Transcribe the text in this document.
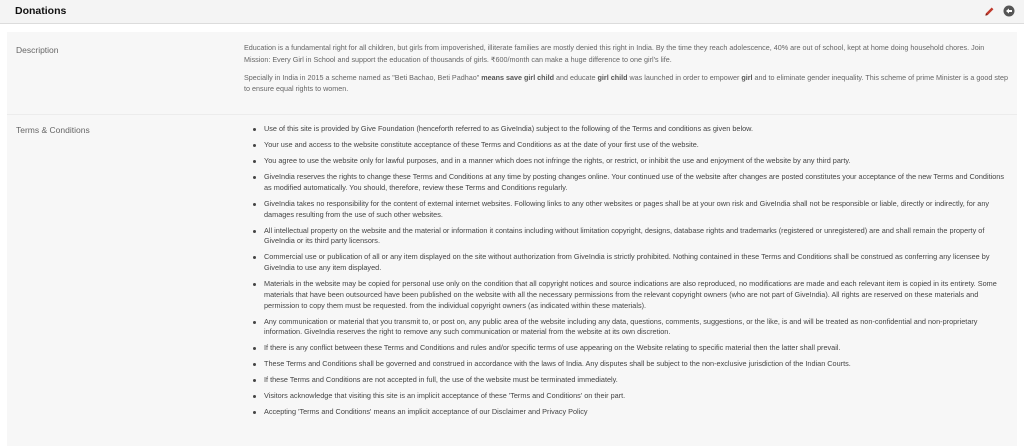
Donations
Description	Education is a fundamental right for all children, but girls from impoverished, illiterate families are mostly denied this right in India. By the time they reach adolescence, 40% are out of school, kept at home doing household chores. Join Mission: Every Girl in School and support the education of thousands of girls. ₹600/month can make a huge difference to one girl's life.

Specially in India in 2015 a scheme named as "Beti Bachao, Beti Padhao" means save girl child and educate girl child was launched in order to empower girl and to eliminate gender inequality. This scheme of prime Minister is a good step to ensure equal rights to women.

Terms & Conditions	Use of this site is provided by Give Foundation (henceforth referred to as GiveIndia) subject to the following of the Terms and conditions as given below.
Your use and access to the website constitute acceptance of these Terms and Conditions as at the date of your first use of the website.
You agree to use the website only for lawful purposes, and in a manner which does not infringe the rights, or restrict, or inhibit the use and enjoyment of the website by any third party.
GiveIndia reserves the rights to change these Terms and Conditions at any time by posting changes online. Your continued use of the website after changes are posted constitutes your acceptance of the new Terms and Conditions as modified automatically. You should, therefore, review these Terms and Conditions regularly.
GiveIndia takes no responsibility for the content of external internet websites. Following links to any other websites or pages shall be at your own risk and GiveIndia shall not be responsible or liable, directly or indirectly, for any damages resulting from the use of such other websites.
All intellectual property on the website and the material or information it contains including without limitation copyright, designs, database rights and trademarks (registered or unregistered) are and shall remain the property of GiveIndia or its third party licensors.
Commercial use or publication of all or any item displayed on the site without authorization from GiveIndia is strictly prohibited. Nothing contained in these Terms and Conditions shall be construed as conferring any licensee by GiveIndia to use any item displayed.
Materials in the website may be copied for personal use only on the condition that all copyright notices and source indications are also reproduced, no modifications are made and each relevant item is copied in its entirety. Some materials that have been outsourced have been published on the website with all the necessary permissions from the relevant copyright owners (who are not part of GiveIndia). All rights are reserved on these materials and permission to copy them must be requested. from the individual copyright owners (as indicated within these materials).
Any communication or material that you transmit to, or post on, any public area of the website including any data, questions, comments, suggestions, or the like, is and will be treated as non-confidential and non-proprietary information. GiveIndia reserves the right to remove any such communication or material from the website at its own discretion.
If there is any conflict between these Terms and Conditions and rules and/or specific terms of use appearing on the Website relating to specific material then the latter shall prevail.
These Terms and Conditions shall be governed and construed in accordance with the laws of India. Any disputes shall be subject to the non-exclusive jurisdiction of the Indian Courts.
If these Terms and Conditions are not accepted in full, the use of the website must be terminated immediately.
Visitors acknowledge that visiting this site is an implicit acceptance of these 'Terms and Conditions' on their part.
Accepting 'Terms and Conditions' means an implicit acceptance of our Disclaimer and Privacy Policy
